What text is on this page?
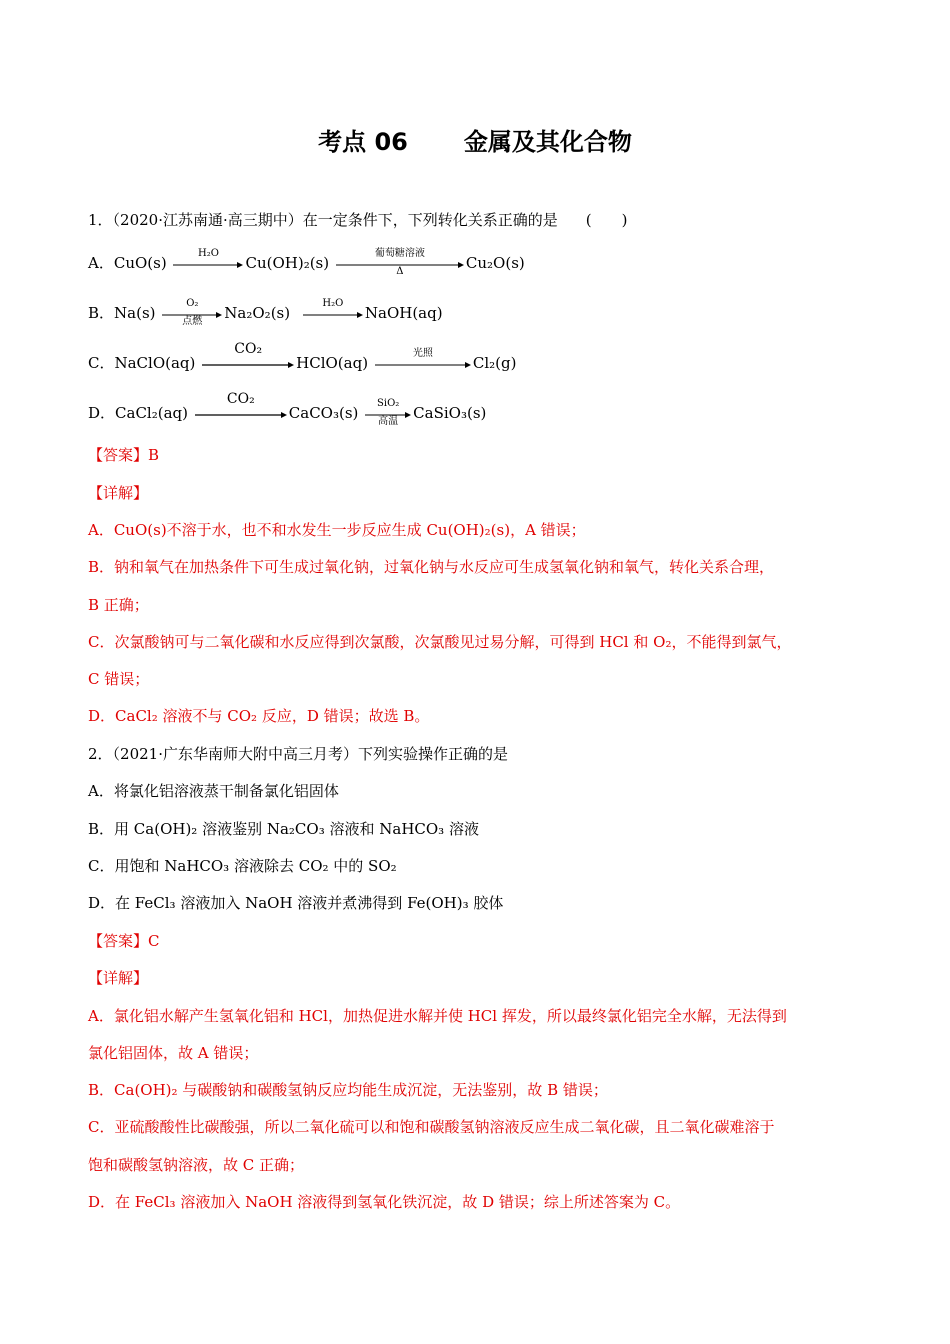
考点 06 金属及其化合物
1．（2020·江苏南通·高三期中）在一定条件下，下列转化关系正确的是 (　　)
A．CuO(s)
H₂O
Cu(OH)₂(s)
葡萄糖溶液
Δ	Cu₂O(s)
B．Na(s)
O₂
点燃	Na₂O₂(s)
H₂O
NaOH(aq)
C．NaClO(aq)
CO₂
HClO(aq)
光照
Cl₂(g)
D．CaCl₂(aq)
CO₂
CaCO₃(s)
SiO₂
高温	CaSiO₃(s)
【答案】B
【详解】
A．CuO(s)不溶于水，也不和水发生一步反应生成 Cu(OH)₂(s)，A 错误；
B．钠和氧气在加热条件下可生成过氧化钠，过氧化钠与水反应可生成氢氧化钠和氧气，转化关系合理，
B 正确；
C．次氯酸钠可与二氧化碳和水反应得到次氯酸，次氯酸见过易分解，可得到 HCl 和 O₂，不能得到氯气，
C 错误；
D．CaCl₂ 溶液不与 CO₂ 反应，D 错误；故选 B。
2．（2021·广东华南师大附中高三月考）下列实验操作正确的是
A．将氯化铝溶液蒸干制备氯化铝固体
B．用 Ca(OH)₂ 溶液鉴别 Na₂CO₃ 溶液和 NaHCO₃ 溶液
C．用饱和 NaHCO₃ 溶液除去 CO₂ 中的 SO₂
D．在 FeCl₃ 溶液加入 NaOH 溶液并煮沸得到 Fe(OH)₃ 胶体
【答案】C
【详解】
A．氯化铝水解产生氢氧化铝和 HCl，加热促进水解并使 HCl 挥发，所以最终氯化铝完全水解，无法得到
氯化铝固体，故 A 错误；
B．Ca(OH)₂ 与碳酸钠和碳酸氢钠反应均能生成沉淀，无法鉴别，故 B 错误；
C．亚硫酸酸性比碳酸强，所以二氧化硫可以和饱和碳酸氢钠溶液反应生成二氧化碳，且二氧化碳难溶于
饱和碳酸氢钠溶液，故 C 正确；
D．在 FeCl₃ 溶液加入 NaOH 溶液得到氢氧化铁沉淀，故 D 错误；综上所述答案为 C。
